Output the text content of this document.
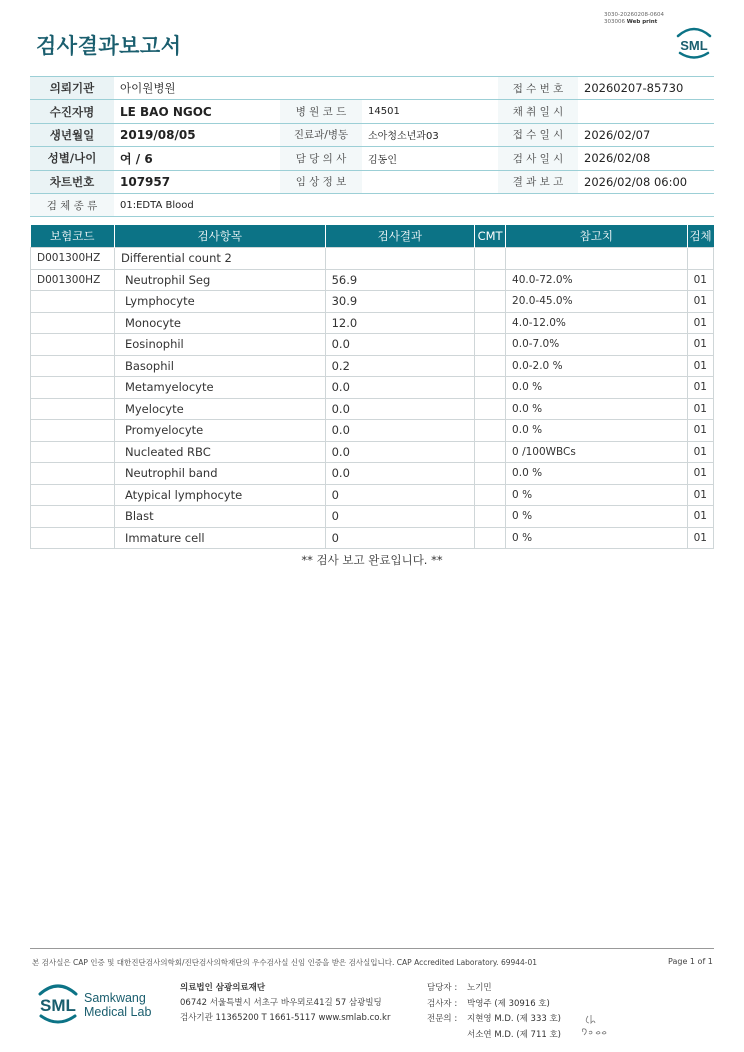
검사결과보고서
3030-20260208-0604
303006 Web print
SML
의뢰기관	아이원병원			접 수 번 호	20260207-85730
수진자명	LE BAO NGOC	병 원 코 드	14501	채 취 일 시	
생년월일	2019/08/05	진료과/병동	소아청소년과03	접 수 일 시	2026/02/07
성별/나이	여 / 6	담 당 의 사	김동인	검 사 일 시	2026/02/08
차트번호	107957	임 상 정 보		결 과 보 고	2026/02/08 06:00
검 체 종 류	01:EDTA Blood				
보험코드	검사항목	검사결과	CMT	참고치	검체
D001300HZ	Differential count 2				
D001300HZ	Neutrophil Seg	56.9		40.0-72.0%	01
	Lymphocyte	30.9		20.0-45.0%	01
	Monocyte	12.0		4.0-12.0%	01
	Eosinophil	0.0		0.0-7.0%	01
	Basophil	0.2		0.0-2.0 %	01
	Metamyelocyte	0.0		0.0 %	01
	Myelocyte	0.0		0.0 %	01
	Promyelocyte	0.0		0.0 %	01
	Nucleated RBC	0.0		0 /100WBCs	01
	Neutrophil band	0.0		0.0 %	01
	Atypical lymphocyte	0		0 %	01
	Blast	0		0 %	01
	Immature cell	0		0 %	01
** 검사 보고 완료입니다. **
본 검사실은 CAP 인증 및 대한진단검사의학회/진단검사의학재단의 우수검사실 신임 인증을 받은 검사실입니다. CAP Accredited Laboratory. 69944-01	Page 1 of 1
SML Samkwang
Medical Lab
의료법인 삼광의료재단
06742 서울특별시 서초구 바우뫼로41길 57 삼광빌딩
검사기관 11365200 T 1661-5117 www.smlab.co.kr
담당자 : 노기민
검사자 : 박영주 (제 30916 호)
전문의 : 지현영 M.D. (제 333 호)
서소연 M.D. (제 711 호)
